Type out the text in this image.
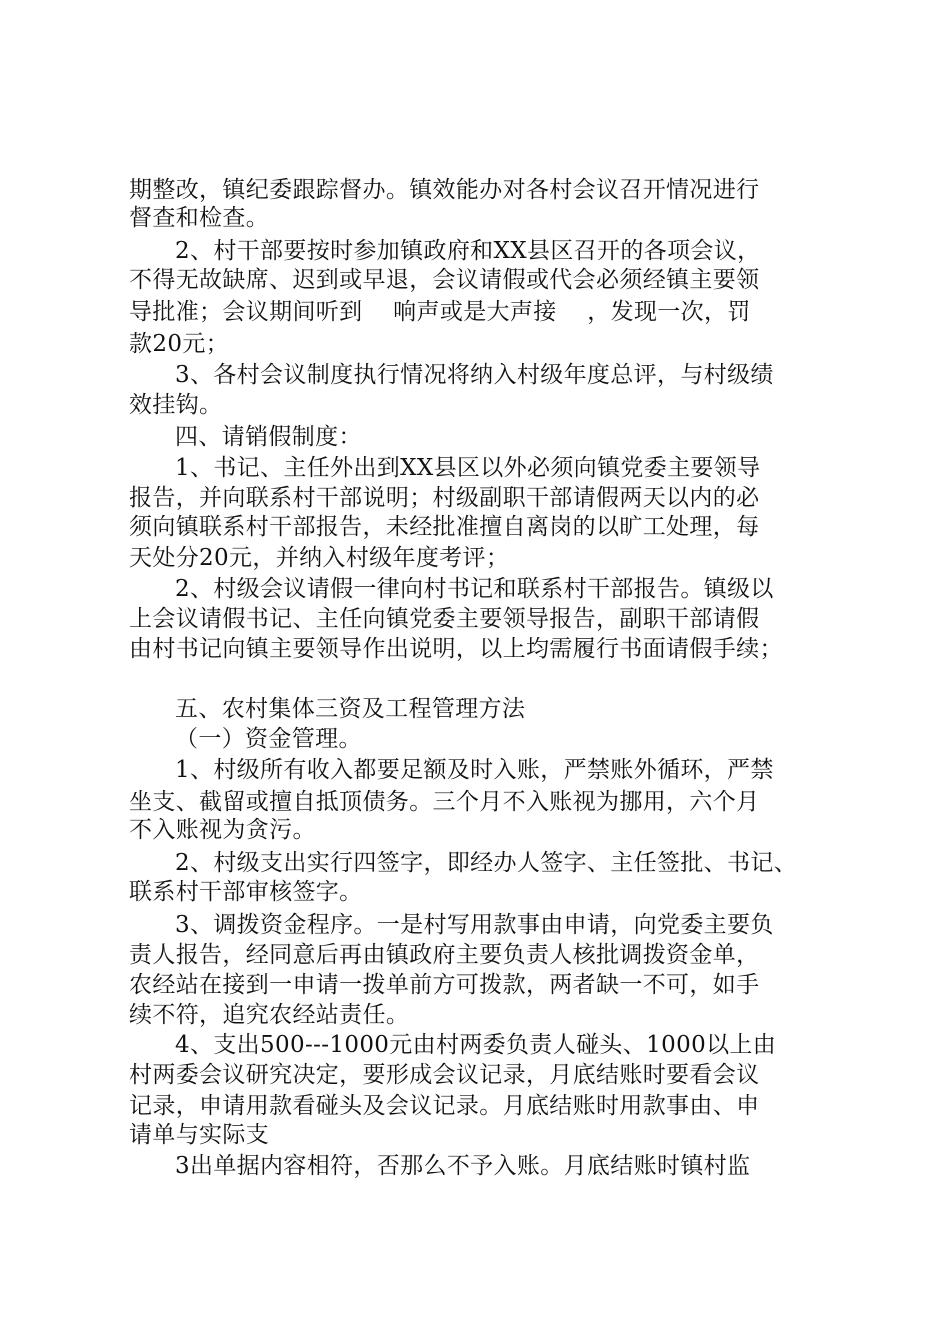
期整改，镇纪委跟踪督办。镇效能办对各村会议召开情况进行
督查和检查。
2、村干部要按时参加镇政府和XX县区召开的各项会议，
不得无故缺席、迟到或早退，会议请假或代会必须经镇主要领
导批准；会议期间听到    响声或是大声接    ，发现一次，罚
款20元；
3、各村会议制度执行情况将纳入村级年度总评，与村级绩
效挂钩。
四、请销假制度：
1、书记、主任外出到XX县区以外必须向镇党委主要领导
报告，并向联系村干部说明；村级副职干部请假两天以内的必
须向镇联系村干部报告，未经批准擅自离岗的以旷工处理，每
天处分20元，并纳入村级年度考评；
2、村级会议请假一律向村书记和联系村干部报告。镇级以
上会议请假书记、主任向镇党委主要领导报告，副职干部请假
由村书记向镇主要领导作出说明，以上均需履行书面请假手续；
五、农村集体三资及工程管理方法
（一）资金管理。
1、村级所有收入都要足额及时入账，严禁账外循环，严禁
坐支、截留或擅自抵顶债务。三个月不入账视为挪用，六个月
不入账视为贪污。
2、村级支出实行四签字，即经办人签字、主任签批、书记、
联系村干部审核签字。
3、调拨资金程序。一是村写用款事由申请，向党委主要负
责人报告，经同意后再由镇政府主要负责人核批调拨资金单，
农经站在接到一申请一拨单前方可拨款，两者缺一不可，如手
续不符，追究农经站责任。
4、支出500---1000元由村两委负责人碰头、1000以上由
村两委会议研究决定，要形成会议记录，月底结账时要看会议
记录，申请用款看碰头及会议记录。月底结账时用款事由、申
请单与实际支
3出单据内容相符，否那么不予入账。月底结账时镇村监
